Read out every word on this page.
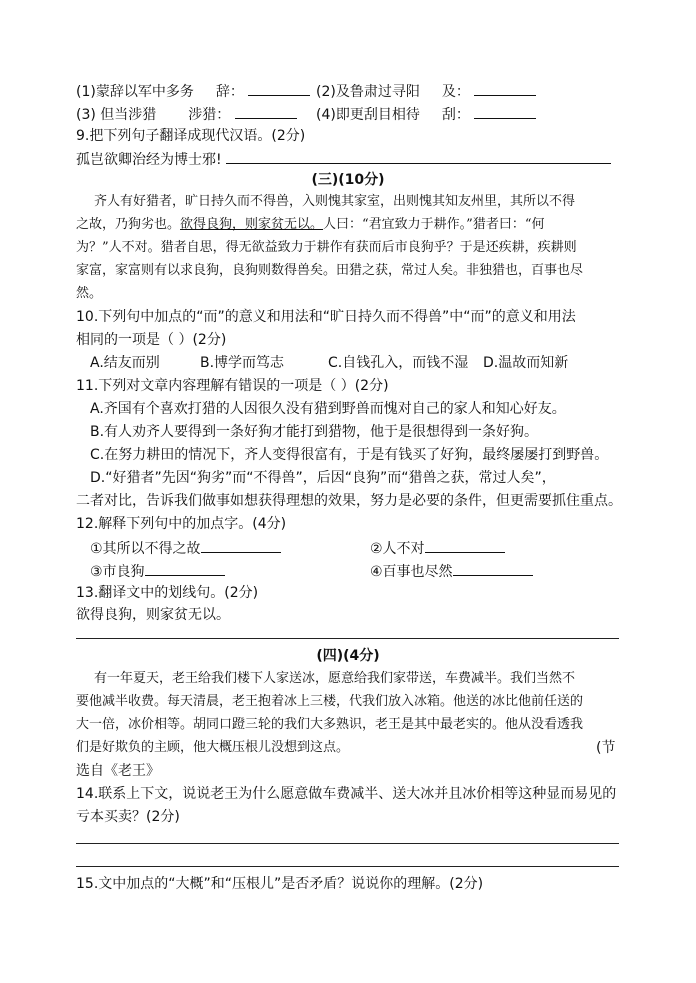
(1)蒙辞以军中多务 辞：	(2)及鲁肃过寻阳 及：
(3) 但当涉猎 涉猎：	(4)即更刮目相待 刮：
9.把下列句子翻译成现代汉语。(2分)
孤岂欲卿治经为博士邪!
(三)(10分)
齐人有好猎者，旷日持久而不得兽，入则愧其家室，出则愧其知友州里，其所以不得
之故，乃狗劣也。欲得良狗，则家贫无以。人曰：“君宜致力于耕作。”猎者曰：“何
为？”人不对。猎者自思，得无欲益致力于耕作有获而后市良狗乎？于是还疾耕，疾耕则
家富，家富则有以求良狗，良狗则数得兽矣。田猎之获，常过人矣。非独猎也，百事也尽
然。
10.下列句中加点的“而”的意义和用法和“旷日持久而不得兽”中“而”的意义和用法
相同的一项是（ ）(2分)
A.结友而别	B.博学而笃志	C.自钱孔入，而钱不湿 D.温故而知新
11.下列对文章内容理解有错误的一项是（ ）(2分)
A.齐国有个喜欢打猎的人因很久没有猎到野兽而愧对自己的家人和知心好友。
B.有人劝齐人要得到一条好狗才能打到猎物，他于是很想得到一条好狗。
C.在努力耕田的情况下，齐人变得很富有，于是有钱买了好狗，最终屡屡打到野兽。
D.“好猎者”先因“狗劣”而“不得兽”，后因“良狗”而“猎兽之获，常过人矣”，
二者对比，告诉我们做事如想获得理想的效果，努力是必要的条件，但更需要抓住重点。
12.解释下列句中的加点字。(4分)
①其所以不得之故	②人不对
③市良狗	④百事也尽然
13.翻译文中的划线句。(2分)
欲得良狗，则家贫无以。
(四)(4分)
有一年夏天，老王给我们楼下人家送冰，愿意给我们家带送，车费减半。我们当然不
要他减半收费。每天清晨，老王抱着冰上三楼，代我们放入冰箱。他送的冰比他前任送的
大一倍，冰价相等。胡同口蹬三轮的我们大多熟识，老王是其中最老实的。他从没看透我
们是好欺负的主顾，他大概压根儿没想到这点。	(节
选自《老王》
14.联系上下文，说说老王为什么愿意做车费减半、送大冰并且冰价相等这种显而易见的
亏本买卖？(2分)
15.文中加点的“大概”和“压根儿”是否矛盾？说说你的理解。(2分)
